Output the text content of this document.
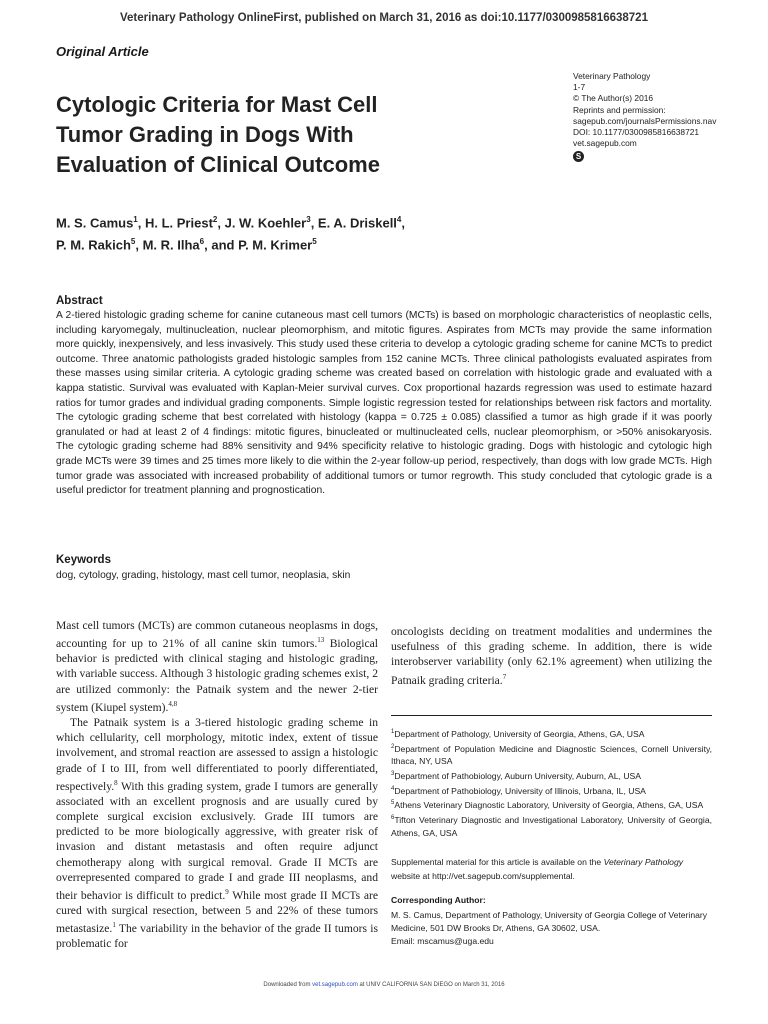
Veterinary Pathology OnlineFirst, published on March 31, 2016 as doi:10.1177/0300985816638721
Original Article
Cytologic Criteria for Mast Cell
Tumor Grading in Dogs With
Evaluation of Clinical Outcome
Veterinary Pathology
1-7
© The Author(s) 2016
Reprints and permission:
sagepub.com/journalsPermissions.nav
DOI: 10.1177/0300985816638721
vet.sagepub.com
S
M. S. Camus$^1$, H. L. Priest$^2$, J. W. Koehler$^3$, E. A. Driskell$^4$,
P. M. Rakich$^5$, M. R. Ilha$^6$, and P. M. Krimer$^5$
Abstract
A 2-tiered histologic grading scheme for canine cutaneous mast cell tumors (MCTs) is based on morphologic characteristics of neoplastic cells, including karyomegaly, multinucleation, nuclear pleomorphism, and mitotic figures. Aspirates from MCTs may provide the same information more quickly, inexpensively, and less invasively. This study used these criteria to develop a cytologic grading scheme for canine MCTs to predict outcome. Three anatomic pathologists graded histologic samples from 152 canine MCTs. Three clinical pathologists evaluated aspirates from these masses using similar criteria. A cytologic grading scheme was created based on correlation with histologic grade and evaluated with a kappa statistic. Survival was evaluated with Kaplan-Meier survival curves. Cox proportional hazards regression was used to estimate hazard ratios for tumor grades and individual grading components. Simple logistic regression tested for relationships between risk factors and mortality. The cytologic grading scheme that best correlated with histology (kappa = 0.725 ± 0.085) classified a tumor as high grade if it was poorly granulated or had at least 2 of 4 findings: mitotic figures, binucleated or multinucleated cells, nuclear pleomorphism, or >50% anisokaryosis. The cytologic grading scheme had 88% sensitivity and 94% specificity relative to histologic grading. Dogs with histologic and cytologic high grade MCTs were 39 times and 25 times more likely to die within the 2-year follow-up period, respectively, than dogs with low grade MCTs. High tumor grade was associated with increased probability of additional tumors or tumor regrowth. This study concluded that cytologic grade is a useful predictor for treatment planning and prognostication.
Keywords
dog, cytology, grading, histology, mast cell tumor, neoplasia, skin

Mast cell tumors (MCTs) are common cutaneous neoplasms in dogs, accounting for up to 21% of all canine skin tumors.$^{13}$ Biological behavior is predicted with clinical staging and histologic grading, with variable success. Although 3 histologic grading schemes exist, 2 are utilized commonly: the Patnaik system and the newer 2-tier system (Kiupel system).$^{4,8}$

The Patnaik system is a 3-tiered histologic grading scheme in which cellularity, cell morphology, mitotic index, extent of tissue involvement, and stromal reaction are assessed to assign a histologic grade of I to III, from well differentiated to poorly differentiated, respectively.$^8$ With this grading system, grade I tumors are generally associated with an excellent prognosis and are usually cured by complete surgical excision exclusively. Grade III tumors are predicted to be more biologically aggressive, with greater risk of invasion and distant metastasis and often require adjunct chemotherapy along with surgical removal. Grade II MCTs are overrepresented compared to grade I and grade III neoplasms, and their behavior is difficult to predict.$^9$ While most grade II MCTs are cured with surgical resection, between 5 and 22% of these tumors metastasize.$^1$ The variability in the behavior of the grade II tumors is problematic for

oncologists deciding on treatment modalities and undermines the usefulness of this grading scheme. In addition, there is wide interobserver variability (only 62.1% agreement) when utilizing the Patnaik grading criteria.$^7$

$^1$Department of Pathology, University of Georgia, Athens, GA, USA
$^2$Department of Population Medicine and Diagnostic Sciences, Cornell University, Ithaca, NY, USA
$^3$Department of Pathobiology, Auburn University, Auburn, AL, USA
$^4$Department of Pathobiology, University of Illinois, Urbana, IL, USA
$^5$Athens Veterinary Diagnostic Laboratory, University of Georgia, Athens, GA, USA
$^6$Tifton Veterinary Diagnostic and Investigational Laboratory, University of Georgia, Athens, GA, USA
Supplemental material for this article is available on the Veterinary Pathology website at http://vet.sagepub.com/supplemental.
Corresponding Author:
M. S. Camus, Department of Pathology, University of Georgia College of Veterinary Medicine, 501 DW Brooks Dr, Athens, GA 30602, USA.
Email: mscamus@uga.edu
Downloaded from vet.sagepub.com at UNIV CALIFORNIA SAN DIEGO on March 31, 2016
